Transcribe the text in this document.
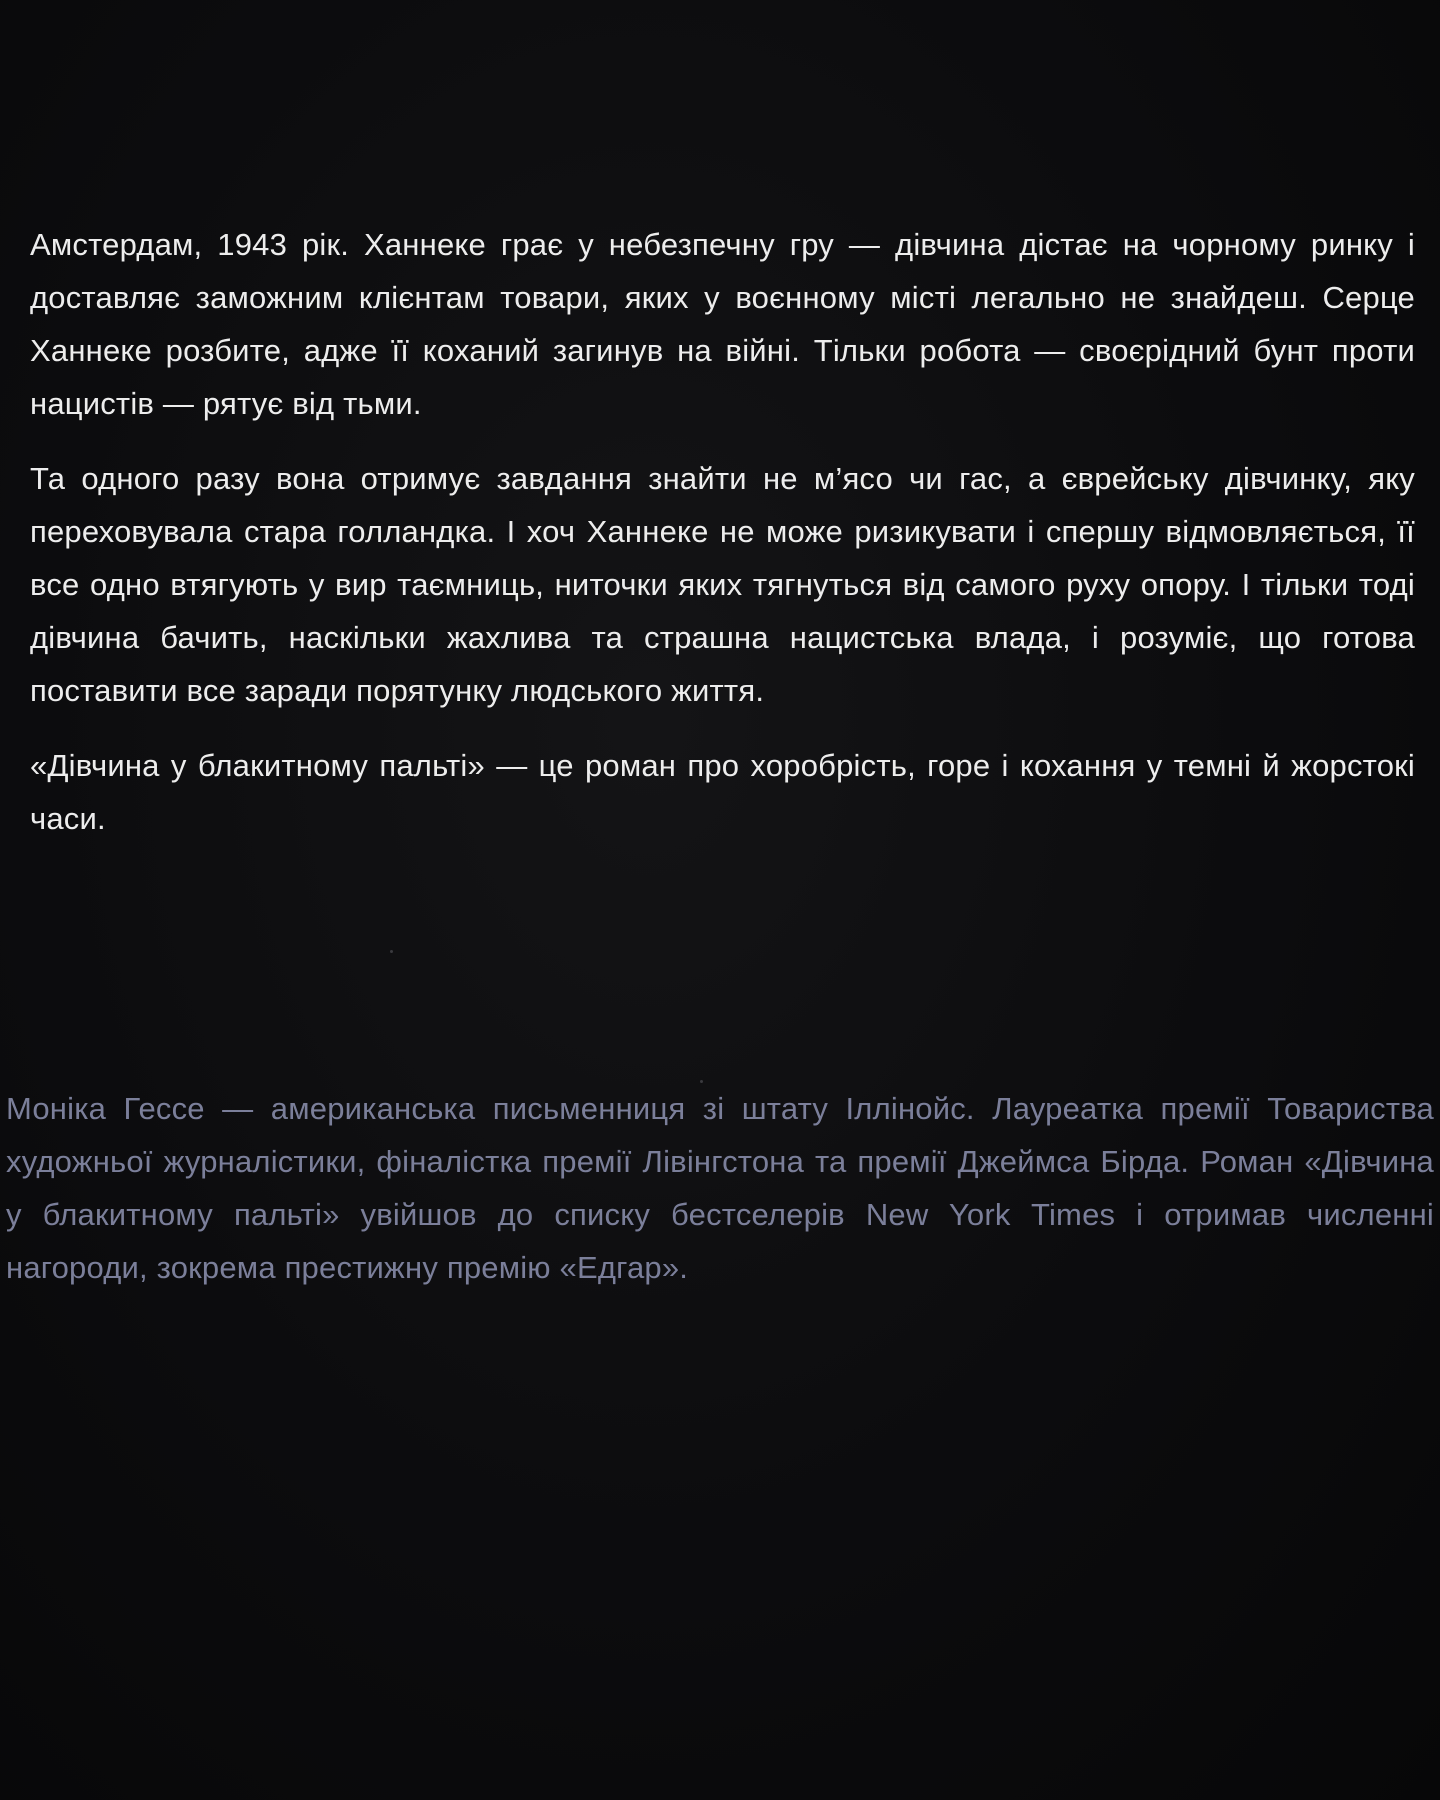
Амстердам, 1943 рік. Ханнеке грає у небезпечну гру — дівчина дістає на чорному ринку і доставляє заможним клієнтам товари, яких у воєнному місті легально не знайдеш. Серце Ханнеке розбите, адже її коханий загинув на війні. Тільки робота — своєрідний бунт проти нацистів — рятує від тьми.

Та одного разу вона отримує завдання знайти не м’ясо чи гас, а єврейську дівчинку, яку переховувала стара голландка. І хоч Ханнеке не може ризикувати і спершу відмовляється, її все одно втягують у вир таємниць, ниточки яких тягнуться від самого руху опору. І тільки тоді дівчина бачить, наскільки жахлива та страшна нацистська влада, і розуміє, що готова поставити все заради порятунку людського життя.

«Дівчина у блакитному пальті» — це роман про хоробрість, горе і кохання у темні й жорстокі часи.

Моніка Гессе — американська письменниця зі штату Іллінойс. Лауреатка премії Товариства художньої журналістики, фіналістка премії Лівінгстона та премії Джеймса Бірда. Роман «Дівчина у блакитному пальті» увійшов до списку бестселерів New York Times і отримав численні нагороди, зокрема престижну премію «Едгар».
